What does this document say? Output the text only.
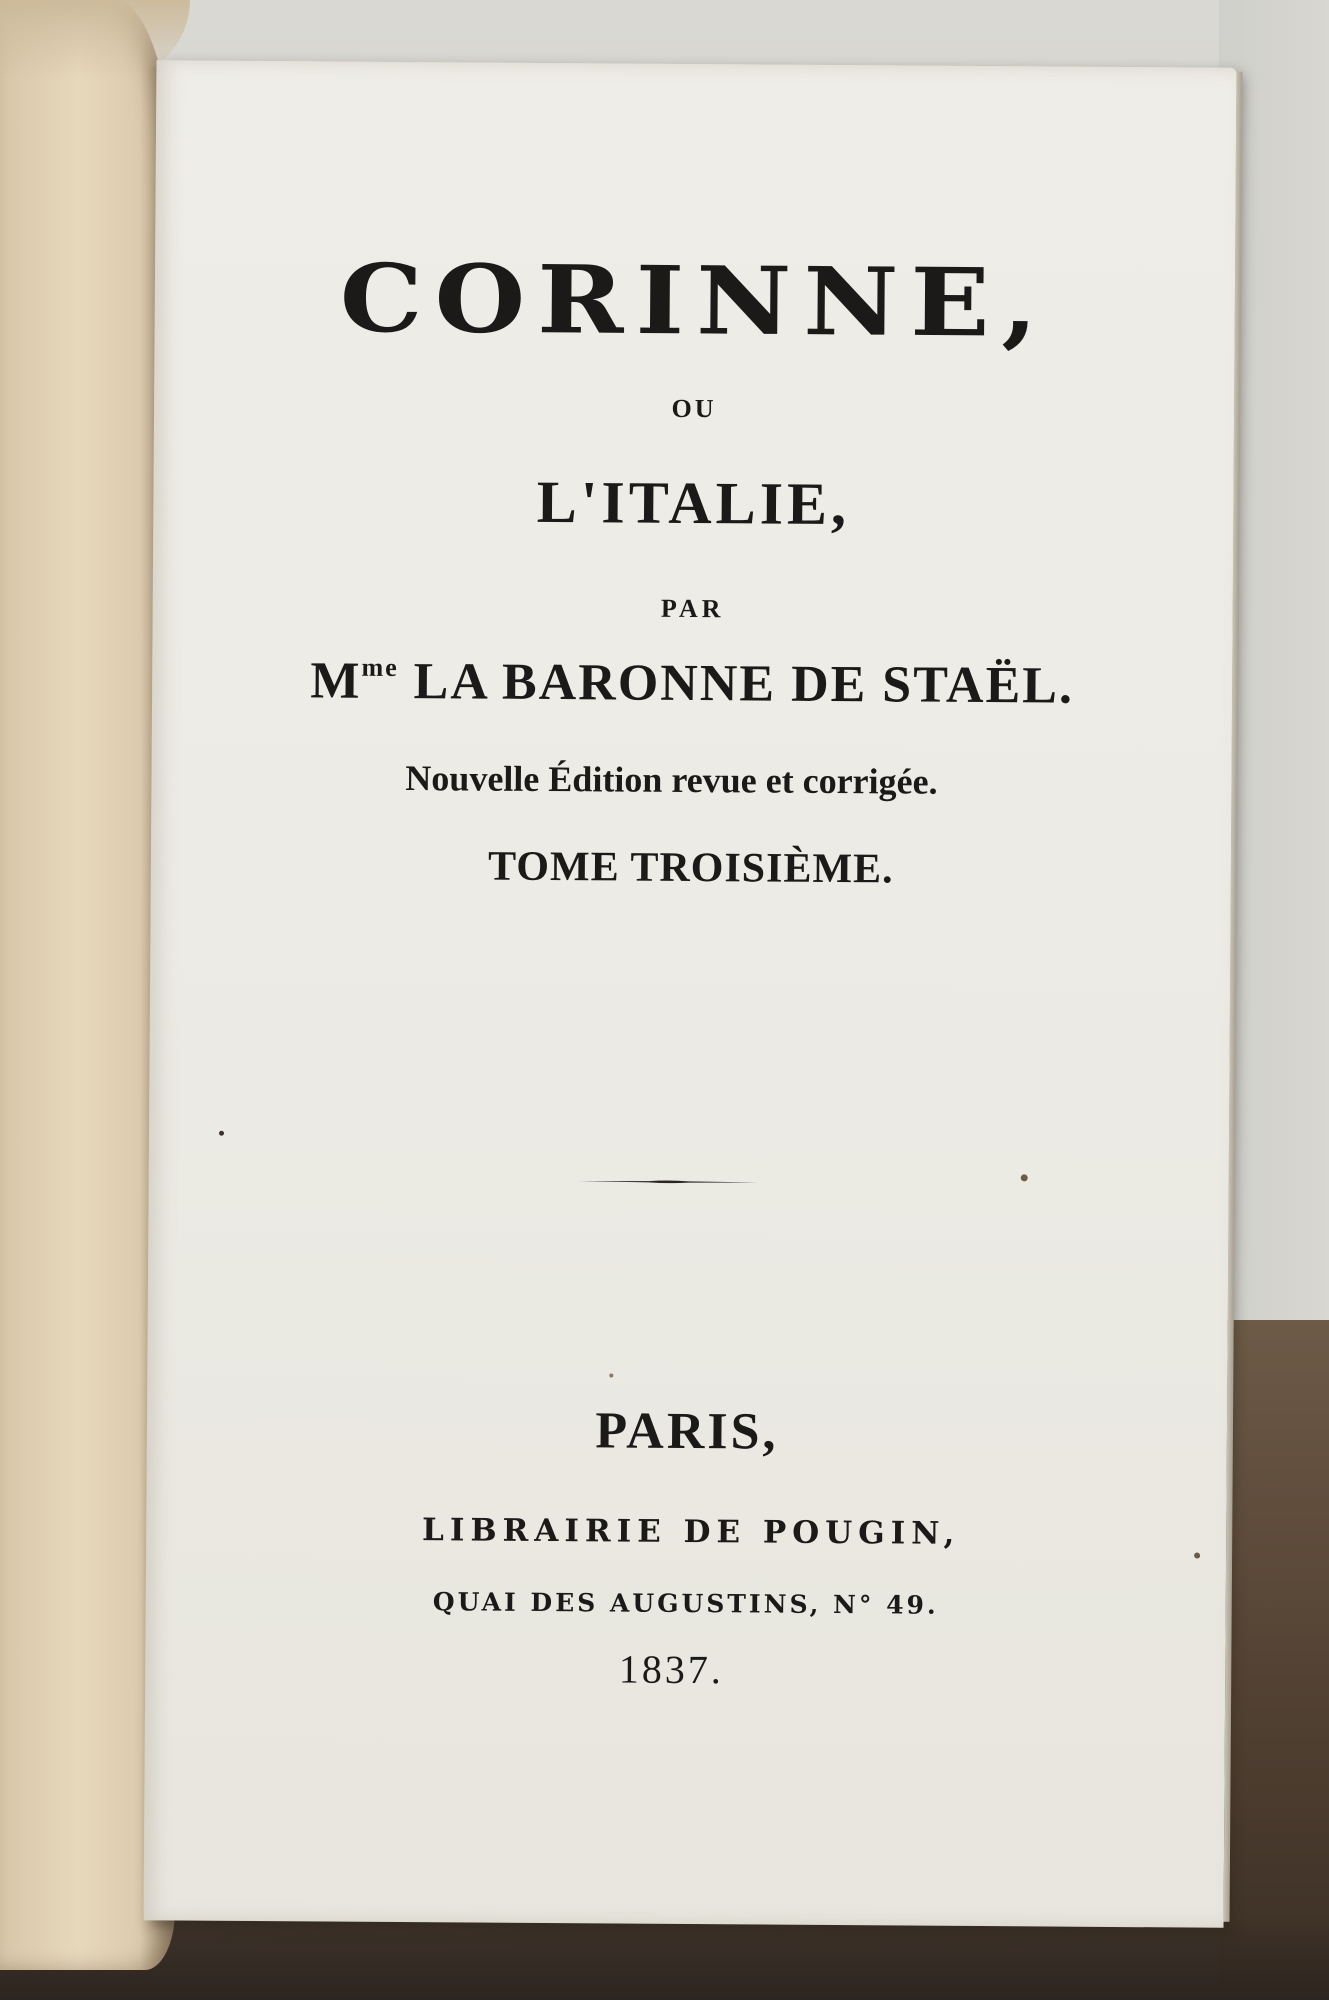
CORINNE,
OU
L'ITALIE,
PAR
$M^{me}$ LA BARONNE DE STAËL.
Nouvelle Édition revue et corrigée.
TOME TROISIÈME.
PARIS,
LIBRAIRIE DE POUGIN,
QUAI DES AUGUSTINS, N° 49.
1837.
